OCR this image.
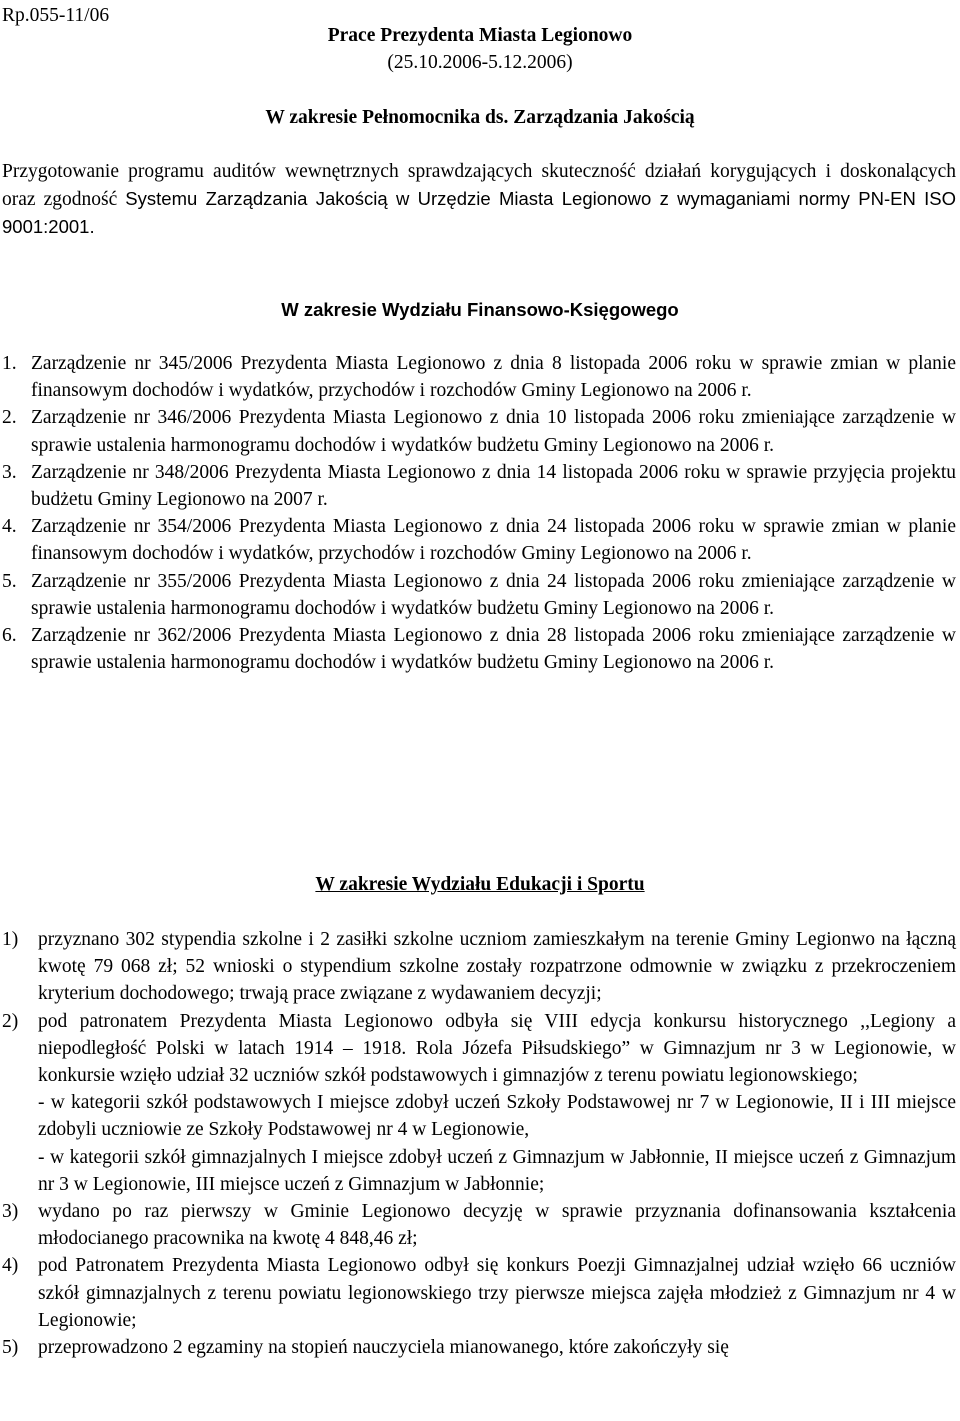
Rp.055-11/06
Prace Prezydenta Miasta Legionowo
(25.10.2006-5.12.2006)
W zakresie Pełnomocnika ds. Zarządzania Jakością
Przygotowanie programu auditów wewnętrznych sprawdzających skuteczność działań korygujących i doskonalących oraz zgodność Systemu Zarządzania Jakością w Urzędzie Miasta Legionowo z wymaganiami normy PN-EN ISO 9001:2001.
W zakresie Wydziału Finansowo-Księgowego
1. Zarządzenie nr 345/2006 Prezydenta Miasta Legionowo z dnia 8 listopada 2006 roku w sprawie zmian w planie finansowym dochodów i wydatków, przychodów i rozchodów Gminy Legionowo na 2006 r.
2. Zarządzenie nr 346/2006 Prezydenta Miasta Legionowo z dnia 10 listopada 2006 roku zmieniające zarządzenie w sprawie ustalenia harmonogramu dochodów i wydatków budżetu Gminy Legionowo na 2006 r.
3. Zarządzenie nr 348/2006 Prezydenta Miasta Legionowo z dnia 14 listopada 2006 roku w sprawie przyjęcia projektu budżetu Gminy Legionowo na 2007 r.
4. Zarządzenie nr 354/2006 Prezydenta Miasta Legionowo z dnia 24 listopada 2006 roku w sprawie zmian w planie finansowym dochodów i wydatków, przychodów i rozchodów Gminy Legionowo na 2006 r.
5. Zarządzenie nr 355/2006 Prezydenta Miasta Legionowo z dnia 24 listopada 2006 roku zmieniające zarządzenie w sprawie ustalenia harmonogramu dochodów i wydatków budżetu Gminy Legionowo na 2006 r.
6. Zarządzenie nr 362/2006 Prezydenta Miasta Legionowo z dnia 28 listopada 2006 roku zmieniające zarządzenie w sprawie ustalenia harmonogramu dochodów i wydatków budżetu Gminy Legionowo na 2006 r.
W zakresie Wydziału Edukacji i Sportu
1) przyznano 302 stypendia szkolne i 2 zasiłki szkolne uczniom zamieszkałym na terenie Gminy Legionwo na łączną kwotę 79 068 zł; 52 wnioski o stypendium szkolne zostały rozpatrzone odmownie w związku z przekroczeniem kryterium dochodowego; trwają prace związane z wydawaniem decyzji;
2) pod patronatem Prezydenta Miasta Legionowo odbyła się VIII edycja konkursu historycznego ,,Legiony a niepodległość Polski w latach 1914 – 1918. Rola Józefa Piłsudskiego” w Gimnazjum nr 3 w Legionowie, w konkursie wzięło udział 32 uczniów szkół podstawowych i gimnazjów z terenu powiatu legionowskiego;
- w kategorii szkół podstawowych I miejsce zdobył uczeń Szkoły Podstawowej nr 7 w Legionowie, II i III miejsce zdobyli uczniowie ze Szkoły Podstawowej nr 4 w Legionowie,
- w kategorii szkół gimnazjalnych I miejsce zdobył uczeń z Gimnazjum w Jabłonnie, II miejsce uczeń z Gimnazjum nr 3 w Legionowie, III miejsce uczeń z Gimnazjum w Jabłonnie;
3) wydano po raz pierwszy w Gminie Legionowo decyzję w sprawie przyznania dofinansowania kształcenia młodocianego pracownika na kwotę 4 848,46 zł;
4) pod Patronatem Prezydenta Miasta Legionowo odbył się konkurs Poezji Gimnazjalnej udział wzięło 66 uczniów szkół gimnazjalnych z terenu powiatu legionowskiego trzy pierwsze miejsca zajęła młodzież z Gimnazjum nr 4 w Legionowie;
5) przeprowadzono 2 egzaminy na stopień nauczyciela mianowanego, które zakończyły się
